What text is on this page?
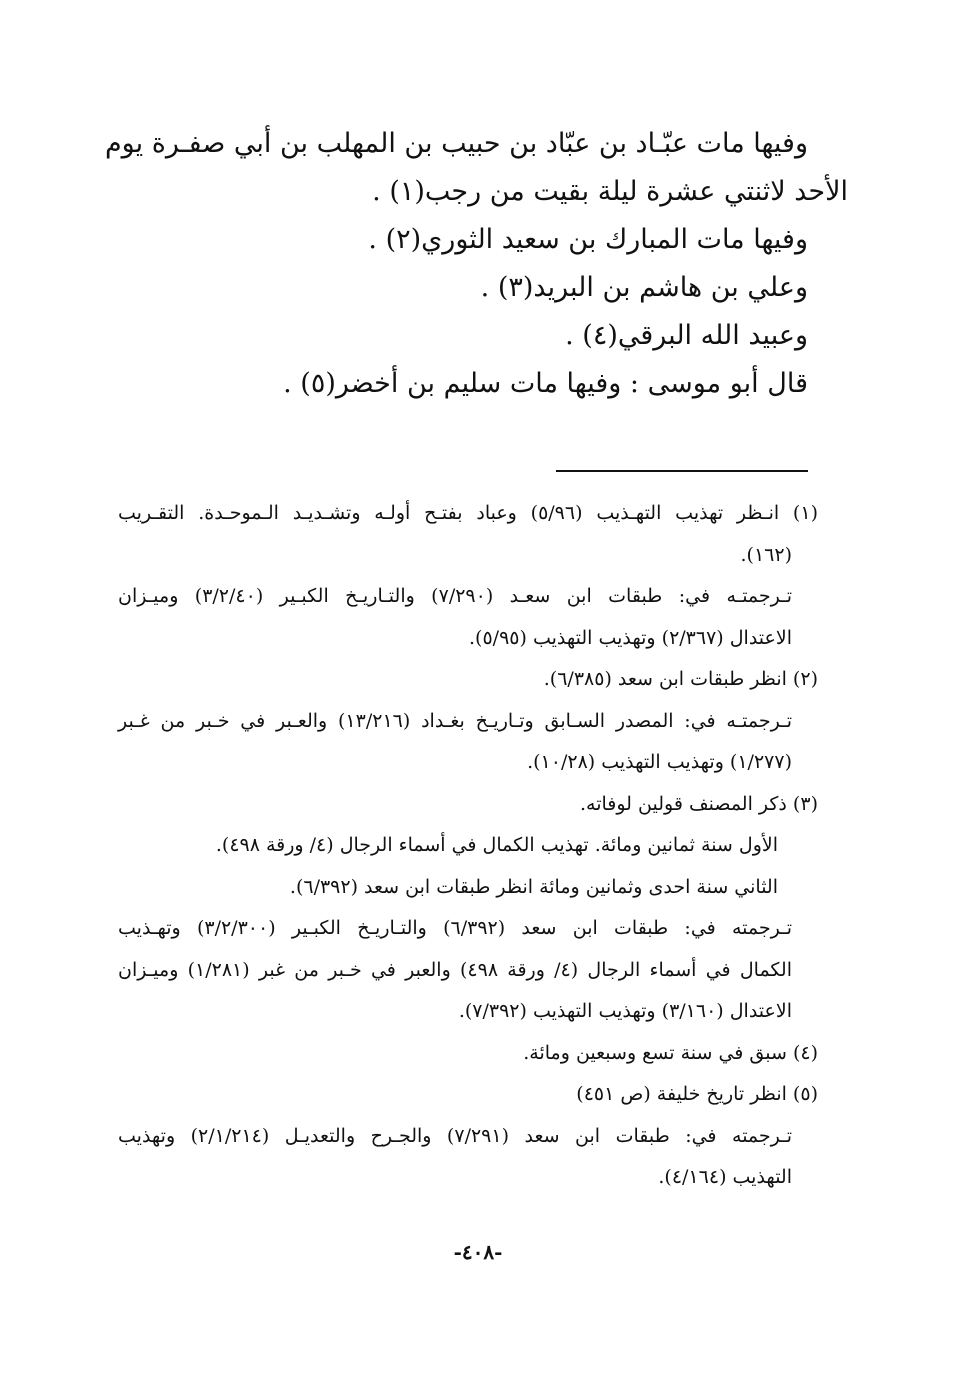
وفيها مات عبّـاد بن عبّاد بن حبيب بن المهلب بن أبي صفـرة يوم

الأحد لاثنتي عشرة ليلة بقيت من رجب(١) .

وفيها مات المبارك بن سعيد الثوري(٢) .

وعلي بن هاشم بن البريد(٣) .

وعبيد الله البرقي(٤) .

قال أبو موسى : وفيها مات سليم بن أخضر(٥) .

(١) انـظر تهذيب التهـذيب (٥/٩٦) وعباد بفتـح أولـه وتشـديـد الـموحـدة. التقـريب

(١٦٢).

تـرجمتـه في: طبقات ابن سعـد (٧/٢٩٠) والتـاريـخ الكبـير (٣/٢/٤٠) وميـزان

الاعتدال (٢/٣٦٧) وتهذيب التهذيب (٥/٩٥).

(٢) انظر طبقات ابن سعد (٦/٣٨٥).

تـرجمتـه في: المصدر السـابق وتـاريـخ بغـداد (١٣/٢١٦) والعـبر في خـبر من غـبر

(١/٢٧٧) وتهذيب التهذيب (١٠/٢٨).

(٣) ذكر المصنف قولين لوفاته.

الأول سنة ثمانين ومائة. تهذيب الكمال في أسماء الرجال (٤/ ورقة ٤٩٨).

الثاني سنة احدى وثمانين ومائة انظر طبقات ابن سعد (٦/٣٩٢).

تـرجمته في: طبقات ابن سعد (٦/٣٩٢) والتـاريـخ الكبـير (٣/٢/٣٠٠) وتهـذيب

الكمال في أسماء الرجال (٤/ ورقة ٤٩٨) والعبر في خـبر من غبر (١/٢٨١) وميـزان

الاعتدال (٣/١٦٠) وتهذيب التهذيب (٧/٣٩٢).

(٤) سبق في سنة تسع وسبعين ومائة.

(٥) انظر تاريخ خليفة (ص ٤٥١)

تـرجمته في: طبقات ابن سعد (٧/٢٩١) والجـرح والتعديـل (٢/١/٢١٤) وتهذيب

التهذيب (٤/١٦٤).

-٤٠٨-
